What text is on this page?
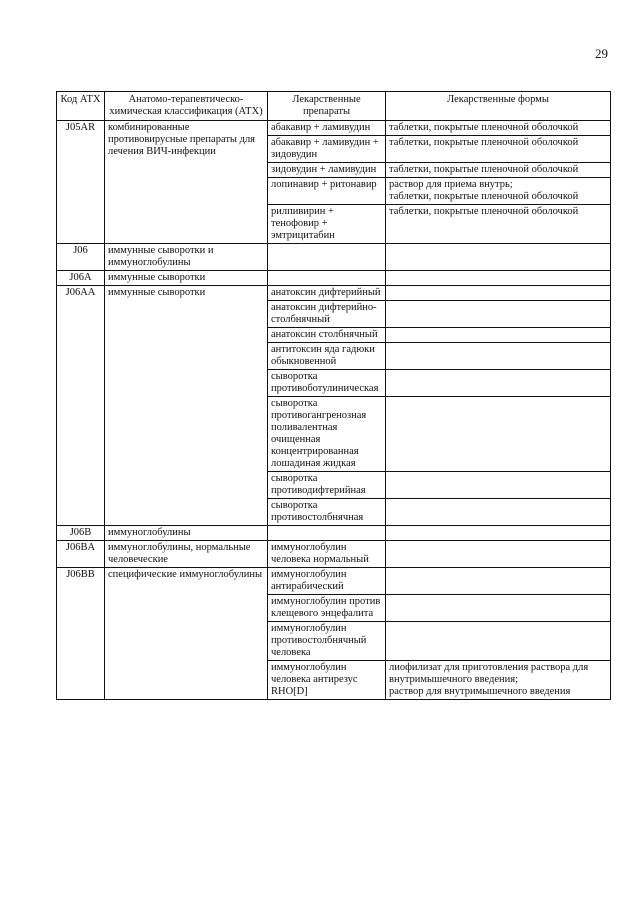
29
Код АТХ	Анатомо-терапевтическо-химическая классификация (АТХ)	Лекарственные препараты	Лекарственные формы
J05AR	комбинированные противовирусные препараты для лечения ВИЧ-инфекции	абакавир + ламивудин	таблетки, покрытые пленочной оболочкой

		абакавир + ламивудин + зидовудин	таблетки, покрытые пленочной оболочкой

		зидовудин + ламивудин	таблетки, покрытые пленочной оболочкой

		лопинавир + ритонавир	раствор для приема внутрь;
таблетки, покрытые пленочной оболочкой

		рилпивирин + тенофовир + эмтрицитабин	таблетки, покрытые пленочной оболочкой

J06	иммунные сыворотки и иммуноглобулины		
J06A	иммунные сыворотки		
J06AA	иммунные сыворотки	анатоксин дифтерийный	
		анатоксин дифтерийно-столбнячный	
		анатоксин столбнячный	
		антитоксин яда гадюки обыкновенной	
		сыворотка противоботулиническая	
		сыворотка противогангренозная поливалентная очищенная концентрированная лошадиная жидкая	
		сыворотка противодифтерийная	
		сыворотка противостолбнячная	
J06B	иммуноглобулины		
J06BA	иммуноглобулины, нормальные человеческие	иммуноглобулин человека нормальный	
J06BB	специфические иммуноглобулины	иммуноглобулин антирабический	
		иммуноглобулин против клещевого энцефалита	
		иммуноглобулин противостолбнячный человека	
		иммуноглобулин человека антирезус RHO[D]	лиофилизат для приготовления раствора для внутримышечного введения;
раствор для внутримышечного введения
